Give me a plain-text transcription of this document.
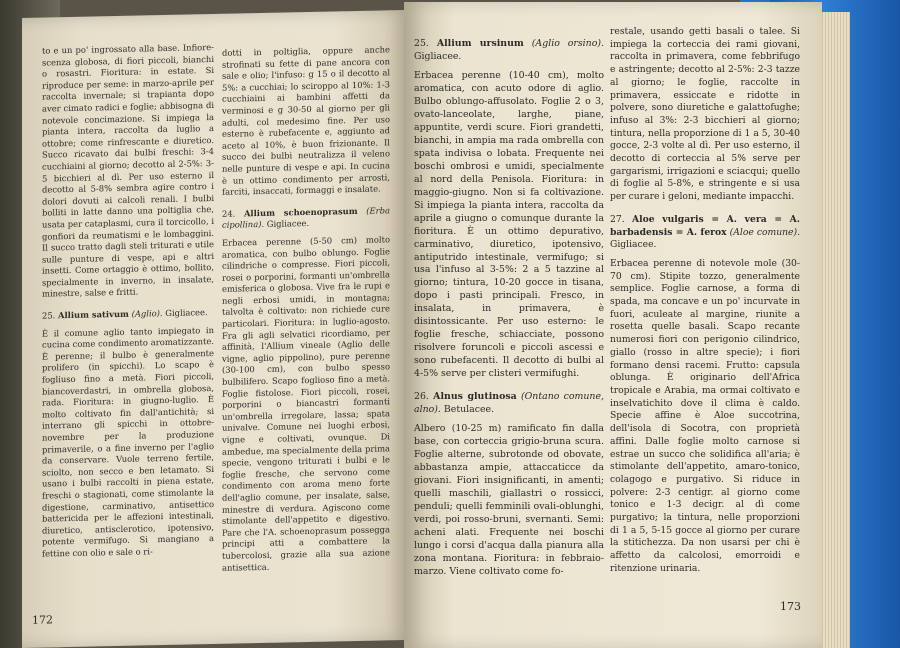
to e un po' ingrossato alla base. Infiore-scenza globosa, di fiori piccoli, bianchi o rosastri. Fioritura: in estate. Si riproduce per seme: in marzo-aprile per raccolta invernale; si trapianta dopo aver cimato radici e foglie; abbisogna di notevole concimazione. Si impiega la pianta intera, raccolta da luglio a ottobre; come rinfrescante e diuretico. Succo ricavato dai bulbi freschi: 3-4 cucchiaini al giorno; decotto al 2-5%: 3-5 bicchieri al dì. Per uso esterno il decotto al 5-8% sembra agire contro i dolori dovuti ai calcoli renali. I bulbi bolliti in latte danno una poltiglia che, usata per cataplasmi, cura il torcicollo, i gonfiori da reumatismi e le lombaggini. Il succo tratto dagli steli triturati e utile sulle punture di vespe, api e altri insetti. Come ortaggio è ottimo, bollito, specialmente in inverno, in insalate, minestre, salse e fritti.

25. Allium sativum (Aglio). Gigliacee.

È il comune aglio tanto impiegato in cucina come condimento aromatizzante. È perenne; il bulbo è generalmente prolifero (in spicchi). Lo scapo è fogliuso fino a metà. Fiori piccoli, biancoverdastri, in ombrella globosa, rada. Fioritura: in giugno-luglio. È molto coltivato fin dall'antichità; si interrano gli spicchi in ottobre-novembre per la produzione primaverile, o a fine inverno per l'aglio da conservare. Vuole terreno fertile, sciolto, non secco e ben letamato. Si usano i bulbi raccolti in piena estate, freschi o stagionati, come stimolante la digestione, carminativo, antisettico battericida per le affezioni intestinali, diuretico, antisclerotico, ipotensivo, potente vermifugo. Si mangiano a fettine con olio e sale o ri-

dotti in poltiglia, oppure anche strofinati su fette di pane ancora con sale e olio; l'infuso: g 15 o il decotto al 5%: a cucchiai; lo sciroppo al 10%: 1-3 cucchiaini ai bambini affetti da verminosi e g 30-50 al giorno per gli adulti, col medesimo fine. Per uso esterno è rubefacente e, aggiunto ad aceto al 10%, è buon frizionante. Il succo dei bulbi neutralizza il veleno nelle punture di vespe e api. In cucina è un ottimo condimento per arrosti, farciti, insaccati, formaggi e insalate.

24. Allium schoenoprasum (Erba cipollina). Gigliacee.

Erbacea perenne (5-50 cm) molto aromatica, con bulbo oblungo. Foglie cilindriche o compresse. Fiori piccoli, rosei o porporini, formanti un'ombrella emisferica o globosa. Vive fra le rupi e negli erbosi umidi, in montagna; talvolta è coltivato: non richiede cure particolari. Fioritura: in luglio-agosto. Fra gli agli selvatici ricordiamo, per affinità, l'Allium vineale (Aglio delle vigne, aglio pippolino), pure perenne (30-100 cm), con bulbo spesso bulbilifero. Scapo foglioso fino a metà. Foglie fistolose. Fiori piccoli, rosei, porporini o biancastri formanti un'ombrella irregolare, lassa; spata univalve. Comune nei luoghi erbosi, vigne e coltivati, ovunque. Di ambedue, ma specialmente della prima specie, vengono triturati i bulbi e le foglie fresche, che servono come condimento con aroma meno forte dell'aglio comune, per insalate, salse, minestre di verdura. Agiscono come stimolante dell'appetito e digestivo. Pare che l'A. schoenoprasum possegga principi atti a combattere la tubercolosi, grazie alla sua azione antisettica.

172

25. Allium ursinum (Aglio orsino). Gigliacee.

Erbacea perenne (10-40 cm), molto aromatica, con acuto odore di aglio. Bulbo oblungo-affusolato. Foglie 2 o 3, ovato-lanceolate, larghe, piane, appuntite, verdi scure. Fiori grandetti, bianchi, in ampia ma rada ombrella con spata indivisa o lobata. Frequente nei boschi ombrosi e umidi, specialmente al nord della Penisola. Fioritura: in maggio-giugno. Non si fa coltivazione. Si impiega la pianta intera, raccolta da aprile a giugno o comunque durante la fioritura. È un ottimo depurativo, carminativo, diuretico, ipotensivo, antiputrido intestinale, vermifugo; si usa l'infuso al 3-5%: 2 a 5 tazzine al giorno; tintura, 10-20 gocce in tisana, dopo i pasti principali. Fresco, in insalata, in primavera, è disintossicante. Per uso esterno: le foglie fresche, schiacciate, possono risolvere foruncoli e piccoli ascessi e sono rubefacenti. Il decotto di bulbi al 4-5% serve per clisteri vermifughi.

26. Alnus glutinosa (Ontano comune, alno). Betulacee.

Albero (10-25 m) ramificato fin dalla base, con corteccia grigio-bruna scura. Foglie alterne, subrotonde od obovate, abbastanza ampie, attaccaticce da giovani. Fiori insignificanti, in amenti; quelli maschili, giallastri o rossicci, penduli; quelli femminili ovali-oblunghi, verdi, poi rosso-bruni, svernanti. Semi: acheni alati. Frequente nei boschi lungo i corsi d'acqua dalla pianura alla zona montana. Fioritura: in febbraio-marzo. Viene coltivato come fo-

restale, usando getti basali o talee. Si impiega la corteccia dei rami giovani, raccolta in primavera, come febbrifugo e astringente; decotto al 2-5%: 2-3 tazze al giorno; le foglie, raccolte in primavera, essiccate e ridotte in polvere, sono diuretiche e galattofughe; infuso al 3%: 2-3 bicchieri al giorno; tintura, nella proporzione di 1 a 5, 30-40 gocce, 2-3 volte al dì. Per uso esterno, il decotto di corteccia al 5% serve per gargarismi, irrigazioni e sciacqui; quello di foglie al 5-8%, e stringente e si usa per curare i geloni, mediante impacchi.

27. Aloe vulgaris = A. vera = A. barbadensis = A. ferox (Aloe comune). Gigliacee.

Erbacea perenne di notevole mole (30-70 cm). Stipite tozzo, generalmente semplice. Foglie carnose, a forma di spada, ma concave e un po' incurvate in fuori, aculeate al margine, riunite a rosetta quelle basali. Scapo recante numerosi fiori con perigonio cilindrico, giallo (rosso in altre specie); i fiori formano densi racemi. Frutto: capsula oblunga. È originario dell'Africa tropicale e Arabia, ma ormai coltivato e inselvatichito dove il clima è caldo. Specie affine è Aloe succotrina, dell'isola di Socotra, con proprietà affini. Dalle foglie molto carnose si estrae un succo che solidifica all'aria; è stimolante dell'appetito, amaro-tonico, colagogo e purgativo. Si riduce in polvere: 2-3 centigr. al giorno come tonico e 1-3 decigr. al dì come purgativo; la tintura, nelle proporzioni di 1 a 5, 5-15 gocce al giorno per curare la stitichezza. Da non usarsi per chi è affetto da calcolosi, emorroidi e ritenzione urinaria.

173
